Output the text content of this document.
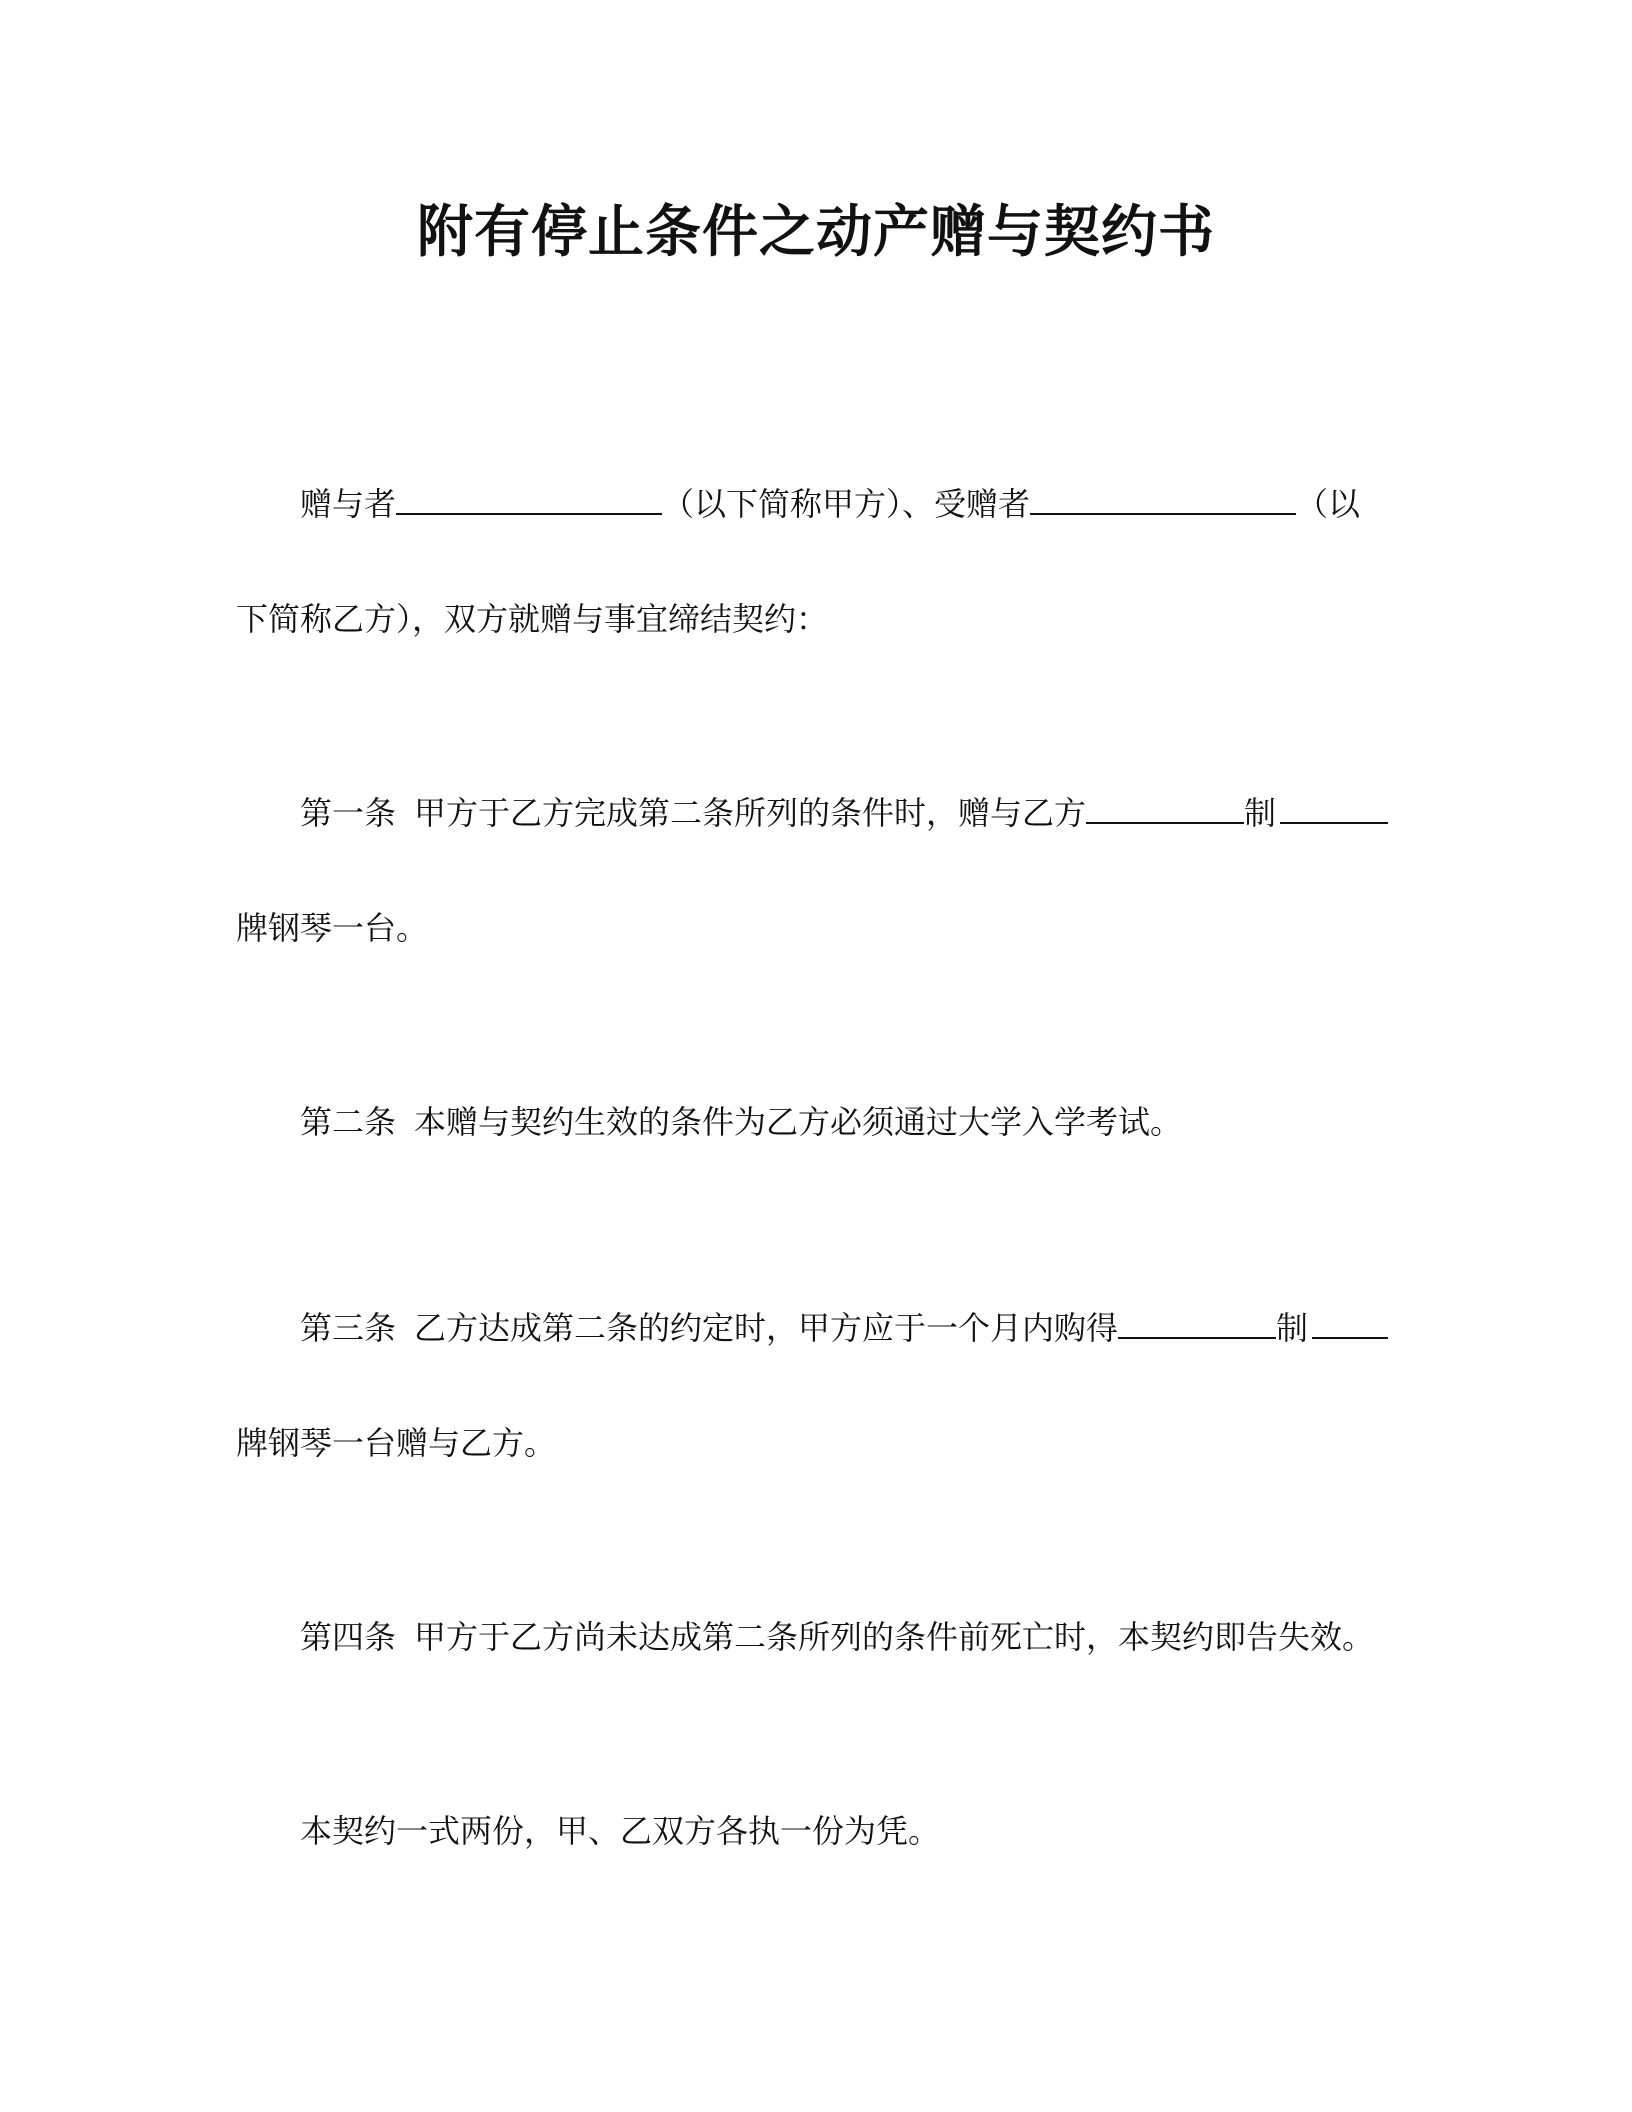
附有停止条件之动产赠与契约书

赠与者	（以下简称甲方）、受赠者	（以

下简称乙方），双方就赠与事宜缔结契约：

第一条 甲方于乙方完成第二条所列的条件时，赠与乙方	制

牌钢琴一台。

第二条 本赠与契约生效的条件为乙方必须通过大学入学考试。

第三条 乙方达成第二条的约定时，甲方应于一个月内购得	制

牌钢琴一台赠与乙方。

第四条 甲方于乙方尚未达成第二条所列的条件前死亡时，本契约即告失效。

本契约一式两份，甲、乙双方各执一份为凭。
